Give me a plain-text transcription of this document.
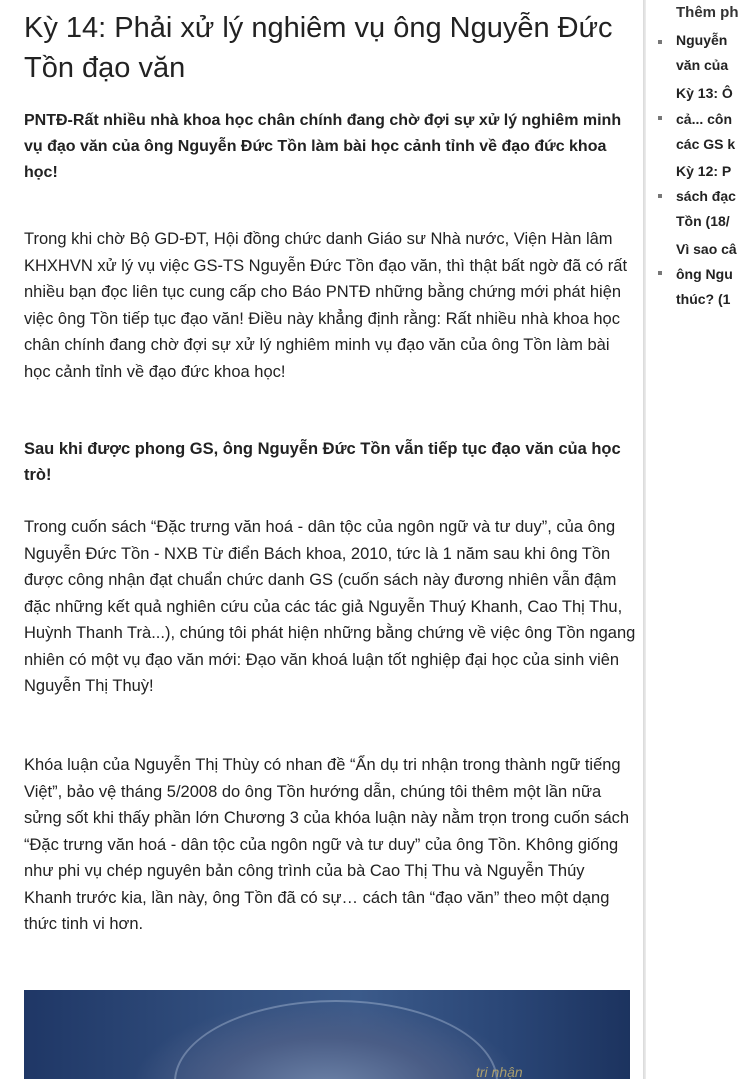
Kỳ 14: Phải xử lý nghiêm vụ ông Nguyễn Đức Tồn đạo văn

PNTĐ-Rất nhiều nhà khoa học chân chính đang chờ đợi sự xử lý nghiêm minh vụ đạo văn của ông Nguyễn Đức Tồn làm bài học cảnh tỉnh về đạo đức khoa học!

Trong khi chờ Bộ GD-ĐT, Hội đồng chức danh Giáo sư Nhà nước, Viện Hàn lâm KHXHVN xử lý vụ việc GS-TS Nguyễn Đức Tồn đạo văn, thì thật bất ngờ đã có rất nhiều bạn đọc liên tục cung cấp cho Báo PNTĐ những bằng chứng mới phát hiện việc ông Tồn tiếp tục đạo văn! Điều này khẳng định rằng: Rất nhiều nhà khoa học chân chính đang chờ đợi sự xử lý nghiêm minh vụ đạo văn của ông Tồn làm bài học cảnh tỉnh về đạo đức khoa học!

Sau khi được phong GS, ông Nguyễn Đức Tồn vẫn tiếp tục đạo văn của học trò!

Trong cuốn sách “Đặc trưng văn hoá - dân tộc của ngôn ngữ và tư duy”, của ông Nguyễn Đức Tồn - NXB Từ điển Bách khoa, 2010, tức là 1 năm sau khi ông Tồn được công nhận đạt chuẩn chức danh GS (cuốn sách này đương nhiên vẫn đậm đặc những kết quả nghiên cứu của các tác giả Nguyễn Thuý Khanh, Cao Thị Thu, Huỳnh Thanh Trà...), chúng tôi phát hiện những bằng chứng về việc ông Tồn ngang nhiên có một vụ đạo văn mới: Đạo văn khoá luận tốt nghiệp đại học của sinh viên Nguyễn Thị Thuỳ!

Khóa luận của Nguyễn Thị Thùy có nhan đề “Ẩn dụ tri nhận trong thành ngữ tiếng Việt”, bảo vệ tháng 5/2008 do ông Tồn hướng dẫn, chúng tôi thêm một lần nữa sửng sốt khi thấy phần lớn Chương 3 của khóa luận này nằm trọn trong cuốn sách “Đặc trưng văn hoá - dân tộc của ngôn ngữ và tư duy” của ông Tồn. Không giống như phi vụ chép nguyên bản công trình của bà Cao Thị Thu và Nguyễn Thúy Khanh trước kia, lần này, ông Tồn đã có sự… cách tân “đạo văn” theo một dạng thức tinh vi hơn.

tri nhận
Thêm ph
Nguyễn
văn của
Kỳ 13: Ô
cả... côn
các GS k
Kỳ 12: P
sách đạc
Tồn (18/
Vì sao câ
ông Ngu
thúc? (1
